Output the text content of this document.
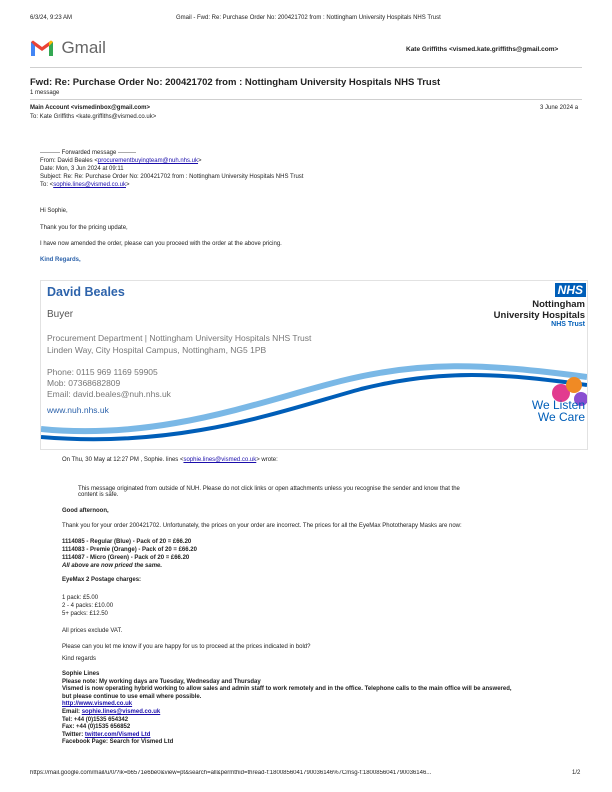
6/3/24, 9:23 AM	Gmail - Fwd: Re: Purchase Order No: 200421702 from : Nottingham University Hospitals NHS Trust
Gmail	Kate Griffiths <vismed.kate.griffiths@gmail.com>
Fwd: Re: Purchase Order No: 200421702 from : Nottingham University Hospitals NHS Trust
1 message
Main Account <vismedinbox@gmail.com>	3 June 2024 a
To: Kate Griffiths <kate.griffiths@vismed.co.uk>
---------- Forwarded message ---------
From: David Beales <procurementbuyingteam@nuh.nhs.uk>
Date: Mon, 3 Jun 2024 at 09:11
Subject: Re: Re: Purchase Order No: 200421702 from : Nottingham University Hospitals NHS Trust
To: <sophie.lines@vismed.co.uk>
Hi Sophie,
Thank you for the pricing update,
I have now amended the order, please can you proceed with the order at the above pricing.
Kind Regards,
David Beales
Buyer
Procurement Department | Nottingham University Hospitals NHS Trust
Linden Way, City Hospital Campus, Nottingham, NG5 1PB
Phone: 0115 969 1169 59905
Mob: 07368682809
Email: david.beales@nuh.nhs.uk
www.nuh.nhs.uk
NHS
Nottingham
University Hospitals
NHS Trust
We Listen
We Care
On Thu, 30 May at 12:27 PM , Sophie. lines <sophie.lines@vismed.co.uk> wrote:
This message originated from outside of NUH. Please do not click links or open attachments unless you recognise the sender and know that the
content is safe.
Good afternoon,
Thank you for your order 200421702. Unfortunately, the prices on your order are incorrect. The prices for all the EyeMax Phototherapy Masks are now:
1114085 - Regular (Blue) - Pack of 20 = £66.20
1114083 - Premie (Orange) - Pack of 20 = £66.20
1114087 - Micro (Green) - Pack of 20 = £66.20
All above are now priced the same.
EyeMax 2 Postage charges:
1 pack: £5.00
2 - 4 packs: £10.00
5+ packs: £12.50
All prices exclude VAT.
Please can you let me know if you are happy for us to proceed at the prices indicated in bold?
Kind regards
Sophie Lines
Please note: My working days are Tuesday, Wednesday and Thursday
Vismed is now operating hybrid working to allow sales and admin staff to work remotely and in the office. Telephone calls to the main office will be answered,
but please continue to use email where possible.
http://www.vismed.co.uk
Email: sophie.lines@vismed.co.uk
Tel: +44 (0)1535 654342
Fax: +44 (0)1535 656852
Twitter: twitter.com/Vismed Ltd
Facebook Page: Search for Vismed Ltd
https://mail.google.com/mail/u/0/?ik=b6571e6be0&view=pt&search=all&permthid=thread-f:1800856041790036146%7Cmsg-f:1800856041790036146...	1/2
